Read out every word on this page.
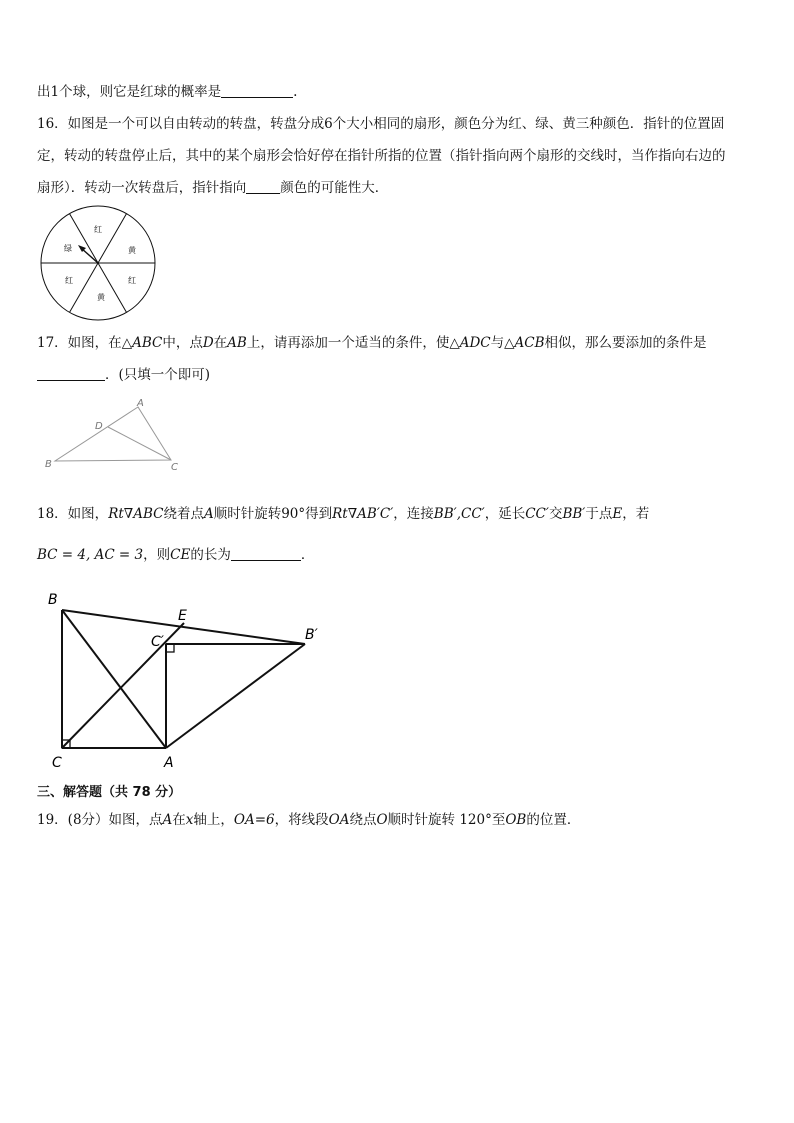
出1个球，则它是红球的概率是	.
16．如图是一个可以自由转动的转盘，转盘分成6个大小相同的扇形，颜色分为红、绿、黄三种颜色．指针的位置固
定，转动的转盘停止后，其中的某个扇形会恰好停在指针所指的位置（指针指向两个扇形的交线时，当作指向右边的
扇形）．转动一次转盘后，指针指向	颜色的可能性大．
红
黄
红
黄
红
绿
17．如图，在△ABC中，点D在AB上，请再添加一个适当的条件，使△ADC与△ACB相似，那么要添加的条件是
．(只填一个即可)
A
D
B	C
18．如图，Rt∇ABC绕着点A顺时针旋转90°得到Rt∇AB′C′，连接BB′,CC′，延长CC′交BB′于点E，若
BC = 4, AC = 3，则CE的长为	．
B
E
C′	B′
C	A
三、解答题（共 78 分）
19．(8分）如图，点A在x轴上，OA=6，将线段OA绕点O顺时针旋转 120°至OB的位置．
